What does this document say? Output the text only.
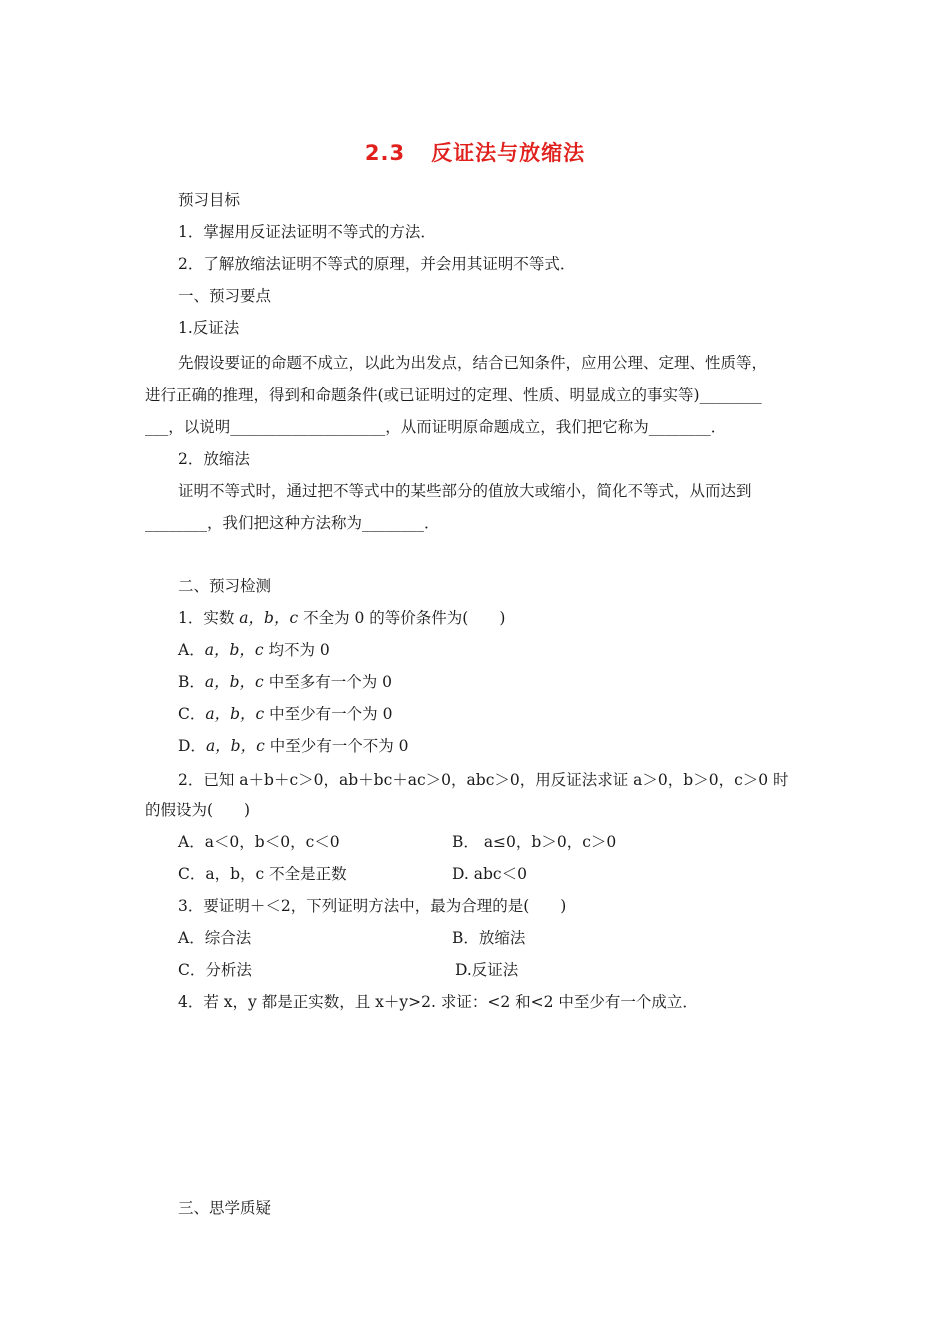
2.3 反证法与放缩法
预习目标
1．掌握用反证法证明不等式的方法．
2．了解放缩法证明不等式的原理，并会用其证明不等式．
一、预习要点
1.反证法
先假设要证的命题不成立，以此为出发点，结合已知条件，应用公理、定理、性质等，
进行正确的推理，得到和命题条件(或已证明过的定理、性质、明显成立的事实等)________
___，以说明____________________，从而证明原命题成立，我们把它称为________．
2．放缩法
证明不等式时，通过把不等式中的某些部分的值放大或缩小，简化不等式，从而达到
________，我们把这种方法称为________．
二、预习检测
1．实数 a，b，c 不全为 0 的等价条件为(　　)
A．a，b，c 均不为 0
B．a，b，c 中至多有一个为 0
C．a，b，c 中至少有一个为 0
D．a，b，c 中至少有一个不为 0
2．已知 a＋b＋c＞0，ab＋bc＋ac＞0，abc＞0，用反证法求证 a＞0，b＞0，c＞0 时
的假设为(　　)
A．a＜0，b＜0，c＜0	B． a≤0，b＞0，c＞0
C．a，b，c 不全是正数	D. abc＜0
3．要证明＋＜2，下列证明方法中，最为合理的是(　　)
A．综合法	B．放缩法
C．分析法	D.反证法
4．若 x，y 都是正实数，且 x＋y>2. 求证：<2 和<2 中至少有一个成立．
三、思学质疑
